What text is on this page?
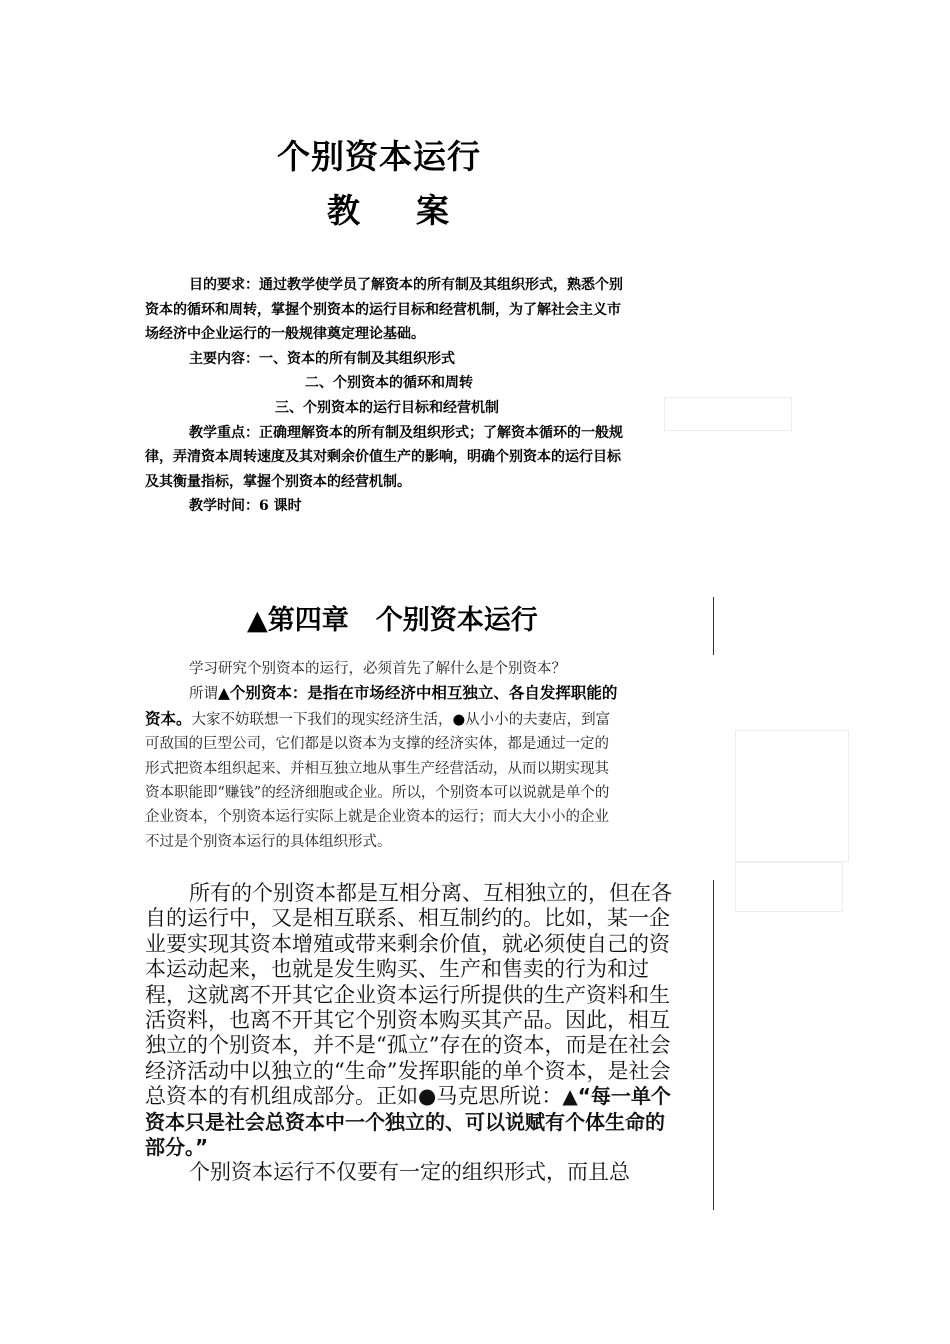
个别资本运行
教 案

目的要求：通过教学使学员了解资本的所有制及其组织形式，熟悉个别资本的循环和周转，掌握个别资本的运行目标和经营机制，为了解社会主义市场经济中企业运行的一般规律奠定理论基础。

主要内容：一、资本的所有制及其组织形式

二、个别资本的循环和周转

三、个别资本的运行目标和经营机制

教学重点：正确理解资本的所有制及组织形式；了解资本循环的一般规律，弄清资本周转速度及其对剩余价值生产的影响，明确个别资本的运行目标及其衡量指标，掌握个别资本的经营机制。

教学时间：6 课时

▲第四章　个别资本运行

学习研究个别资本的运行，必须首先了解什么是个别资本？

所谓▲个别资本：是指在市场经济中相互独立、各自发挥职能的资本。大家不妨联想一下我们的现实经济生活，●从小小的夫妻店，到富可敌国的巨型公司，它们都是以资本为支撑的经济实体，都是通过一定的形式把资本组织起来、并相互独立地从事生产经营活动，从而以期实现其资本职能即“赚钱”的经济细胞或企业。所以，个别资本可以说就是单个的企业资本，个别资本运行实际上就是企业资本的运行；而大大小小的企业不过是个别资本运行的具体组织形式。

所有的个别资本都是互相分离、互相独立的，但在各自的运行中，又是相互联系、相互制约的。比如，某一企业要实现其资本增殖或带来剩余价值，就必须使自己的资本运动起来，也就是发生购买、生产和售卖的行为和过程，这就离不开其它企业资本运行所提供的生产资料和生活资料，也离不开其它个别资本购买其产品。因此，相互独立的个别资本，并不是“孤立”存在的资本，而是在社会经济活动中以独立的“生命”发挥职能的单个资本，是社会总资本的有机组成部分。正如●马克思所说：▲“每一单个资本只是社会总资本中一个独立的、可以说赋有个体生命的部分。”

个别资本运行不仅要有一定的组织形式，而且总
